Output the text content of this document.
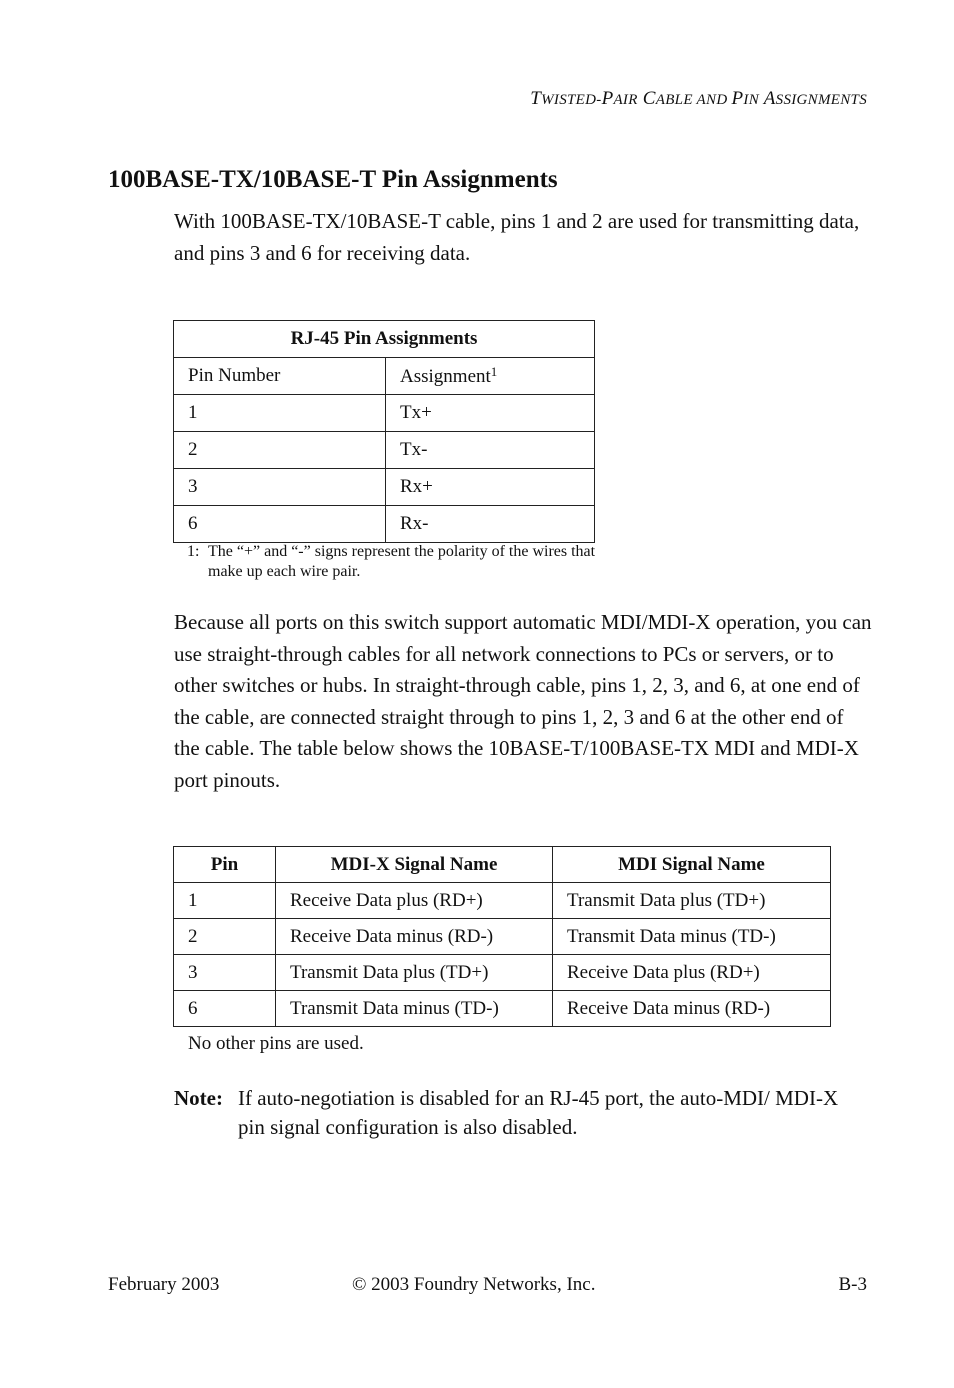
TWISTED-PAIR CABLE AND PIN ASSIGNMENTS
100BASE-TX/10BASE-T Pin Assignments

With 100BASE-TX/10BASE-T cable, pins 1 and 2 are used for transmitting data, and pins 3 and 6 for receiving data.

RJ-45 Pin Assignments	
Pin Number	Assignment$^1$
1	Tx+
2	Tx-
3	Rx+
6	Rx-
1: The “+” and “-” signs represent the polarity of the wires that make up each wire pair.

Because all ports on this switch support automatic MDI/MDI-X operation, you can use straight-through cables for all network connections to PCs or servers, or to other switches or hubs. In straight-through cable, pins 1, 2, 3, and 6, at one end of the cable, are connected straight through to pins 1, 2, 3 and 6 at the other end of the cable. The table below shows the 10BASE-T/100BASE-TX MDI and MDI-X port pinouts.

Pin	MDI-X Signal Name	MDI Signal Name
1	Receive Data plus (RD+)	Transmit Data plus (TD+)
2	Receive Data minus (RD-)	Transmit Data minus (TD-)
3	Transmit Data plus (TD+)	Receive Data plus (RD+)
6	Transmit Data minus (TD-)	Receive Data minus (RD-)
No other pins are used.
Note: If auto-negotiation is disabled for an RJ-45 port, the auto-MDI/ MDI-X pin signal configuration is also disabled.
February 2003	© 2003 Foundry Networks, Inc.	B-3
